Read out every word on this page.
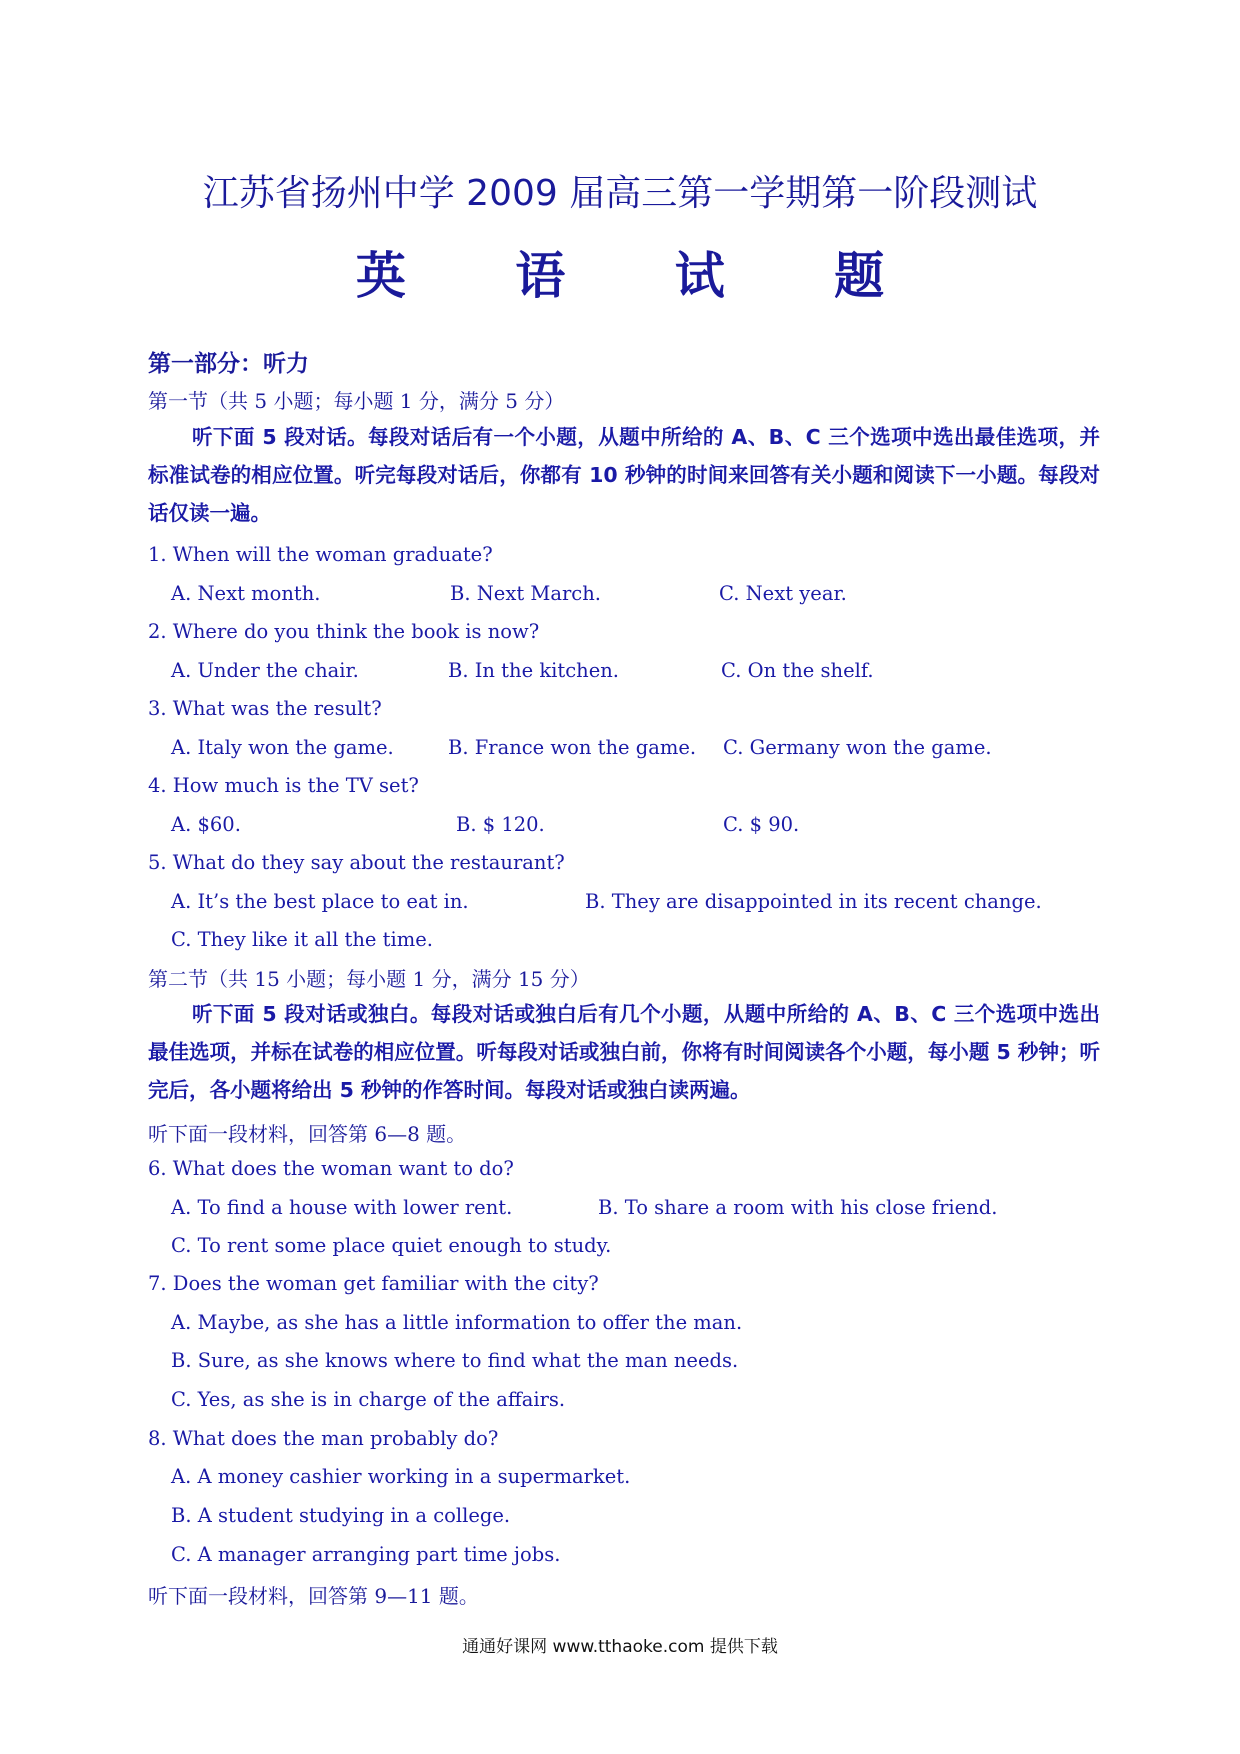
江苏省扬州中学 2009 届高三第一学期第一阶段测试
英 语 试 题
第一部分：听力
第一节（共 5 小题；每小题 1 分，满分 5 分）
听下面 5 段对话。每段对话后有一个小题，从题中所给的 A、B、C 三个选项中选出最佳选项，并标准试卷的相应位置。听完每段对话后，你都有 10 秒钟的时间来回答有关小题和阅读下一小题。每段对话仅读一遍。
1. When will the woman graduate?
A. Next month.	B. Next March.	C. Next year.
2. Where do you think the book is now?
A. Under the chair.	B. In the kitchen.	C. On the shelf.
3. What was the result?
A. Italy won the game.	B. France won the game. C. Germany won the game.
4. How much is the TV set?
A. $60.	B. $ 120.	C. $ 90.
5. What do they say about the restaurant?
A. It’s the best place to eat in.	B. They are disappointed in its recent change.
C. They like it all the time.
第二节（共 15 小题；每小题 1 分，满分 15 分）
听下面 5 段对话或独白。每段对话或独白后有几个小题，从题中所给的 A、B、C 三个选项中选出最佳选项，并标在试卷的相应位置。听每段对话或独白前，你将有时间阅读各个小题，每小题 5 秒钟；听完后，各小题将给出 5 秒钟的作答时间。每段对话或独白读两遍。
听下面一段材料，回答第 6—8 题。
6. What does the woman want to do?
A. To find a house with lower rent.	B. To share a room with his close friend.
C. To rent some place quiet enough to study.
7. Does the woman get familiar with the city?
A. Maybe, as she has a little information to offer the man.
B. Sure, as she knows where to find what the man needs.
C. Yes, as she is in charge of the affairs.
8. What does the man probably do?
A. A money cashier working in a supermarket.
B. A student studying in a college.
C. A manager arranging part time jobs.
听下面一段材料，回答第 9—11 题。
通通好课网 www.tthaoke.com 提供下载
